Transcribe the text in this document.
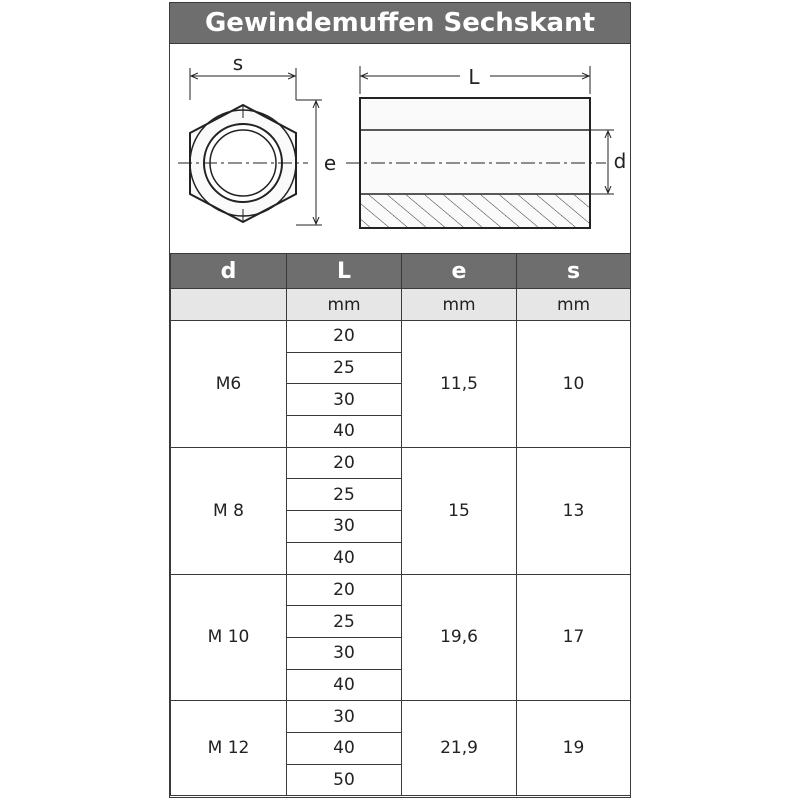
Gewindemuffen Sechskant
s
e
L
d
d	L	e	s
	mm	mm	mm
M6	20	11,5	10
	25		
	30		
	40		
M 8	20	15	13
	25		
	30		
	40		
M 10	20	19,6	17
	25		
	30		
	40		
M 12	30	21,9	19
	40		
	50		
